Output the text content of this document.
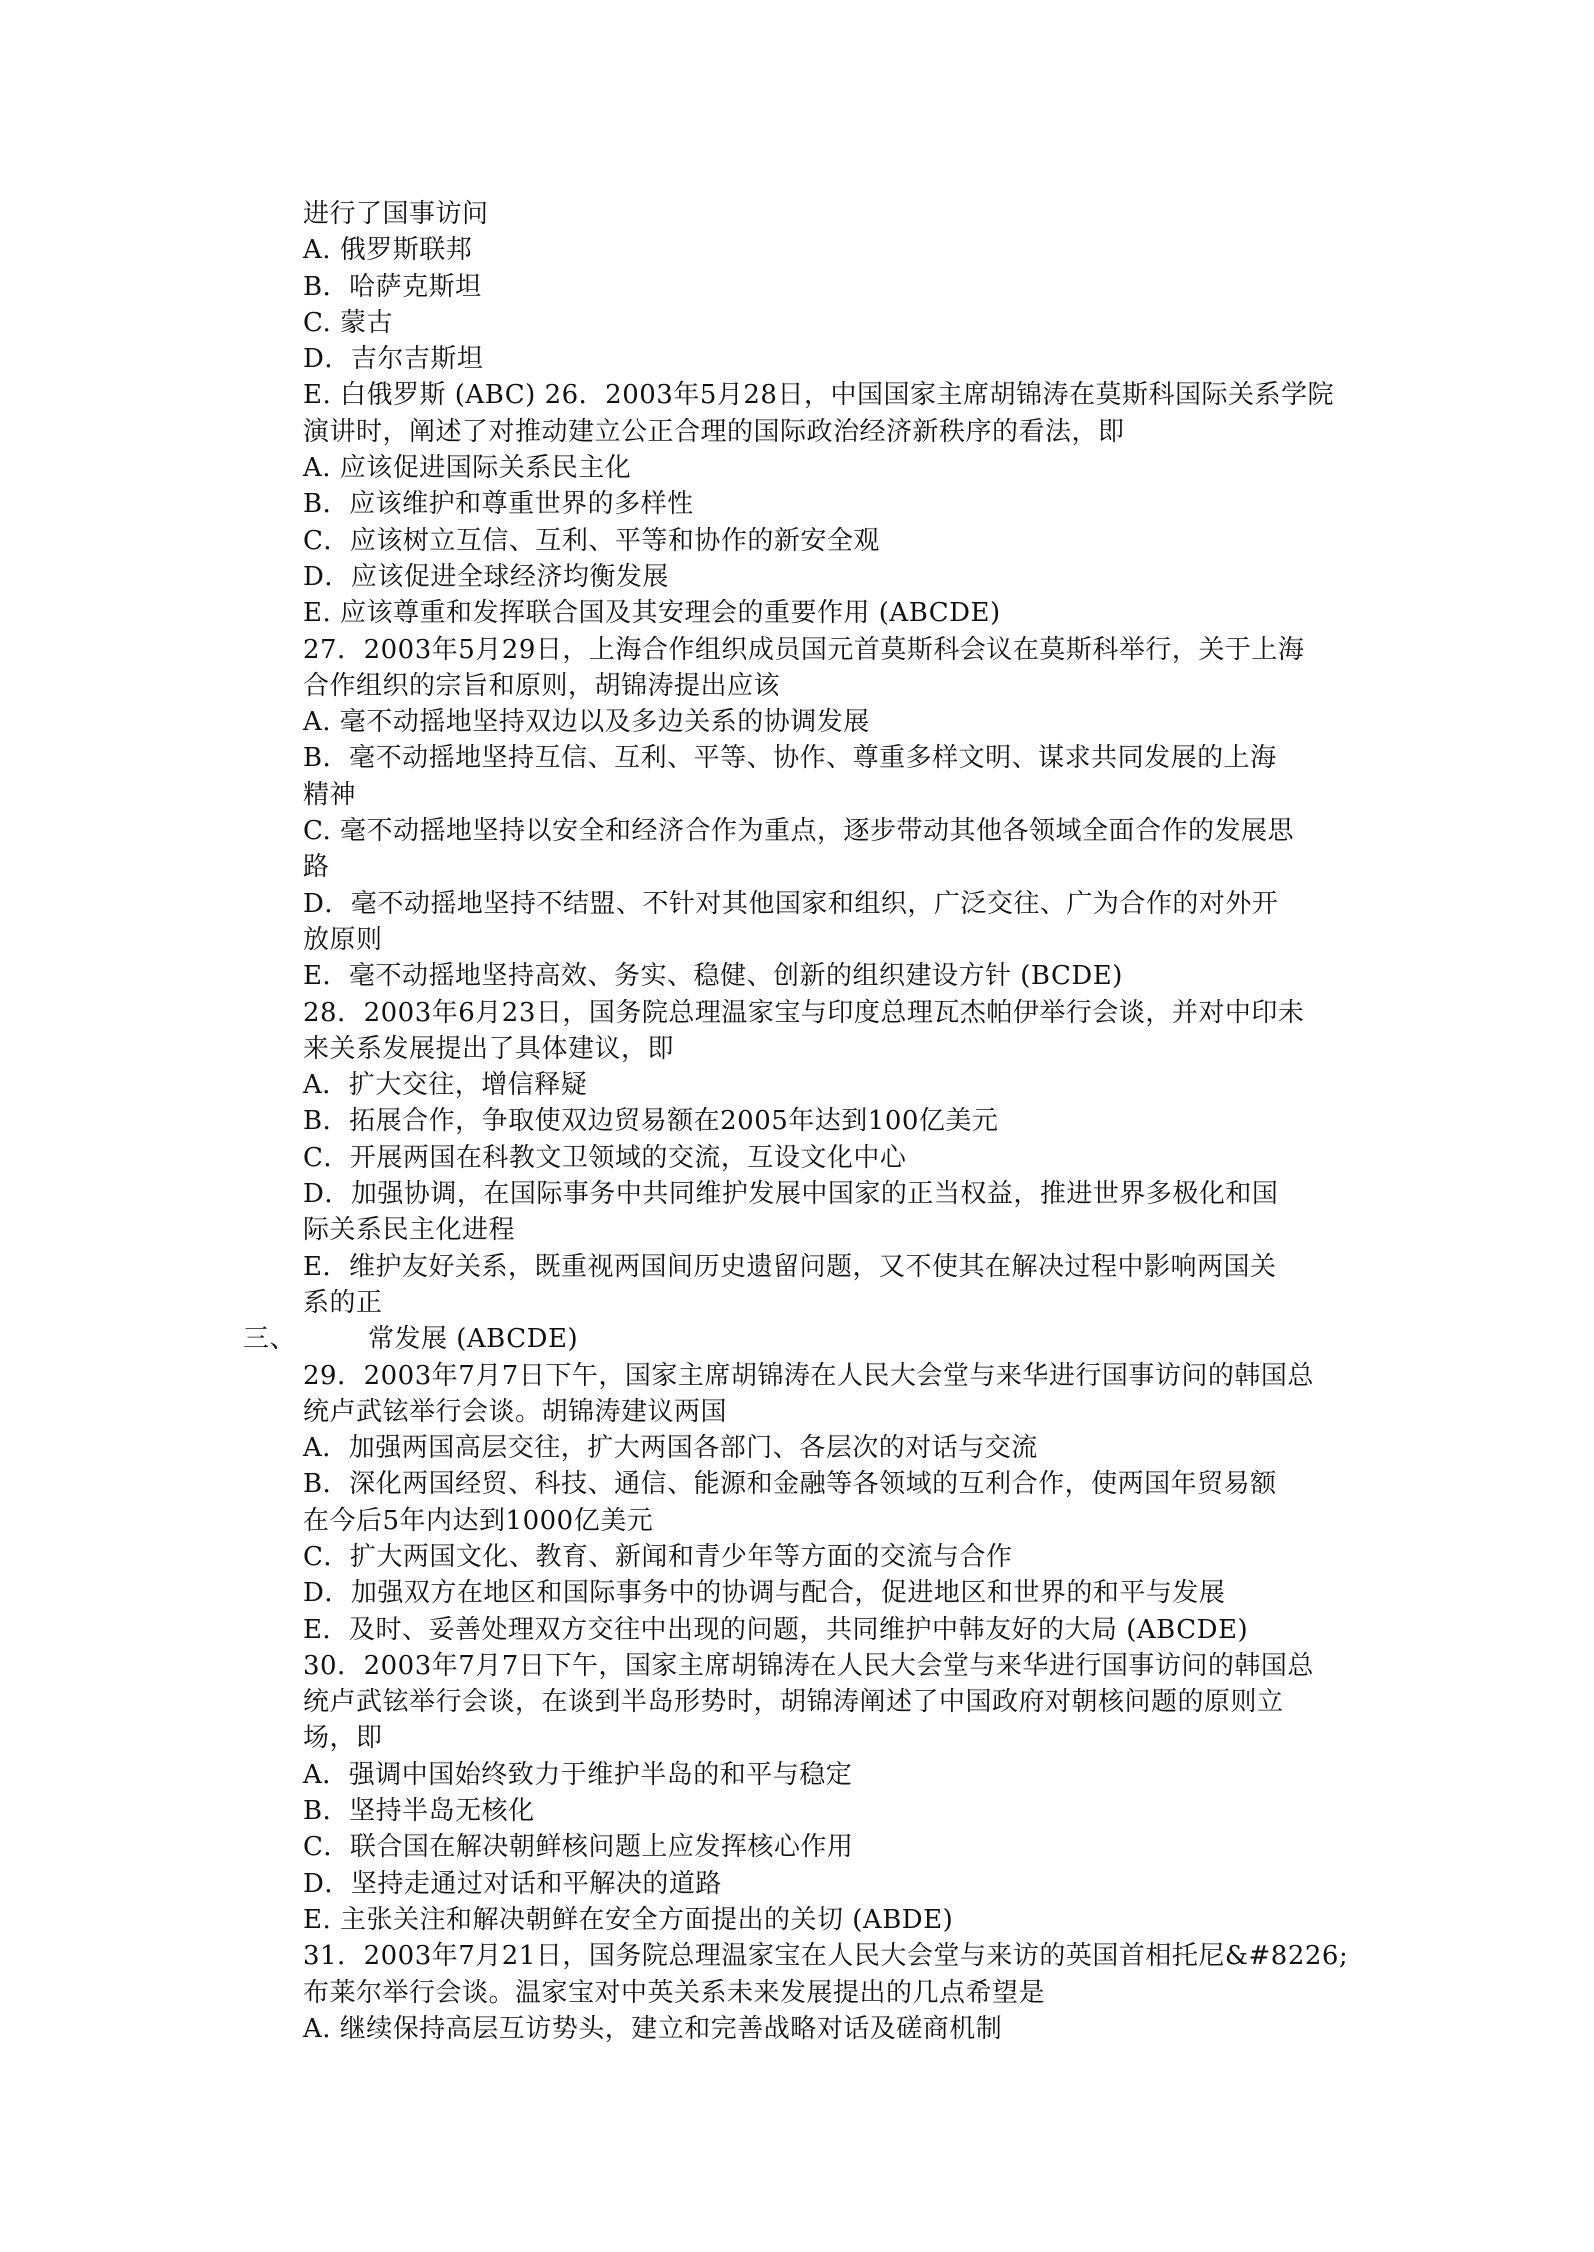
进行了国事访问
A. 俄罗斯联邦
B．哈萨克斯坦
C. 蒙古
D．吉尔吉斯坦
E. 白俄罗斯 (ABC) 26．2003年5月28日，中国国家主席胡锦涛在莫斯科国际关系学院
演讲时，阐述了对推动建立公正合理的国际政治经济新秩序的看法，即
A. 应该促进国际关系民主化
B．应该维护和尊重世界的多样性
C．应该树立互信、互利、平等和协作的新安全观
D．应该促进全球经济均衡发展
E. 应该尊重和发挥联合国及其安理会的重要作用 (ABCDE)
27．2003年5月29日，上海合作组织成员国元首莫斯科会议在莫斯科举行，关于上海
合作组织的宗旨和原则，胡锦涛提出应该
A. 毫不动摇地坚持双边以及多边关系的协调发展
B．毫不动摇地坚持互信、互利、平等、协作、尊重多样文明、谋求共同发展的上海
精神
C. 毫不动摇地坚持以安全和经济合作为重点，逐步带动其他各领域全面合作的发展思
路
D．毫不动摇地坚持不结盟、不针对其他国家和组织，广泛交往、广为合作的对外开
放原则
E．毫不动摇地坚持高效、务实、稳健、创新的组织建设方针 (BCDE)
28．2003年6月23日，国务院总理温家宝与印度总理瓦杰帕伊举行会谈，并对中印未
来关系发展提出了具体建议，即
A．扩大交往，增信释疑
B．拓展合作，争取使双边贸易额在2005年达到100亿美元
C．开展两国在科教文卫领域的交流，互设文化中心
D．加强协调，在国际事务中共同维护发展中国家的正当权益，推进世界多极化和国
际关系民主化进程
E．维护友好关系，既重视两国间历史遗留问题，又不使其在解决过程中影响两国关
系的正
三、	常发展 (ABCDE)
29．2003年7月7日下午，国家主席胡锦涛在人民大会堂与来华进行国事访问的韩国总
统卢武铉举行会谈。胡锦涛建议两国
A．加强两国高层交往，扩大两国各部门、各层次的对话与交流
B．深化两国经贸、科技、通信、能源和金融等各领域的互利合作，使两国年贸易额
在今后5年内达到1000亿美元
C．扩大两国文化、教育、新闻和青少年等方面的交流与合作
D．加强双方在地区和国际事务中的协调与配合，促进地区和世界的和平与发展
E．及时、妥善处理双方交往中出现的问题，共同维护中韩友好的大局 (ABCDE)
30．2003年7月7日下午，国家主席胡锦涛在人民大会堂与来华进行国事访问的韩国总
统卢武铉举行会谈，在谈到半岛形势时，胡锦涛阐述了中国政府对朝核问题的原则立
场，即
A．强调中国始终致力于维护半岛的和平与稳定
B．坚持半岛无核化
C．联合国在解决朝鲜核问题上应发挥核心作用
D．坚持走通过对话和平解决的道路
E. 主张关注和解决朝鲜在安全方面提出的关切 (ABDE)
31．2003年7月21日，国务院总理温家宝在人民大会堂与来访的英国首相托尼&#8226;
布莱尔举行会谈。温家宝对中英关系未来发展提出的几点希望是
A. 继续保持高层互访势头，建立和完善战略对话及磋商机制
